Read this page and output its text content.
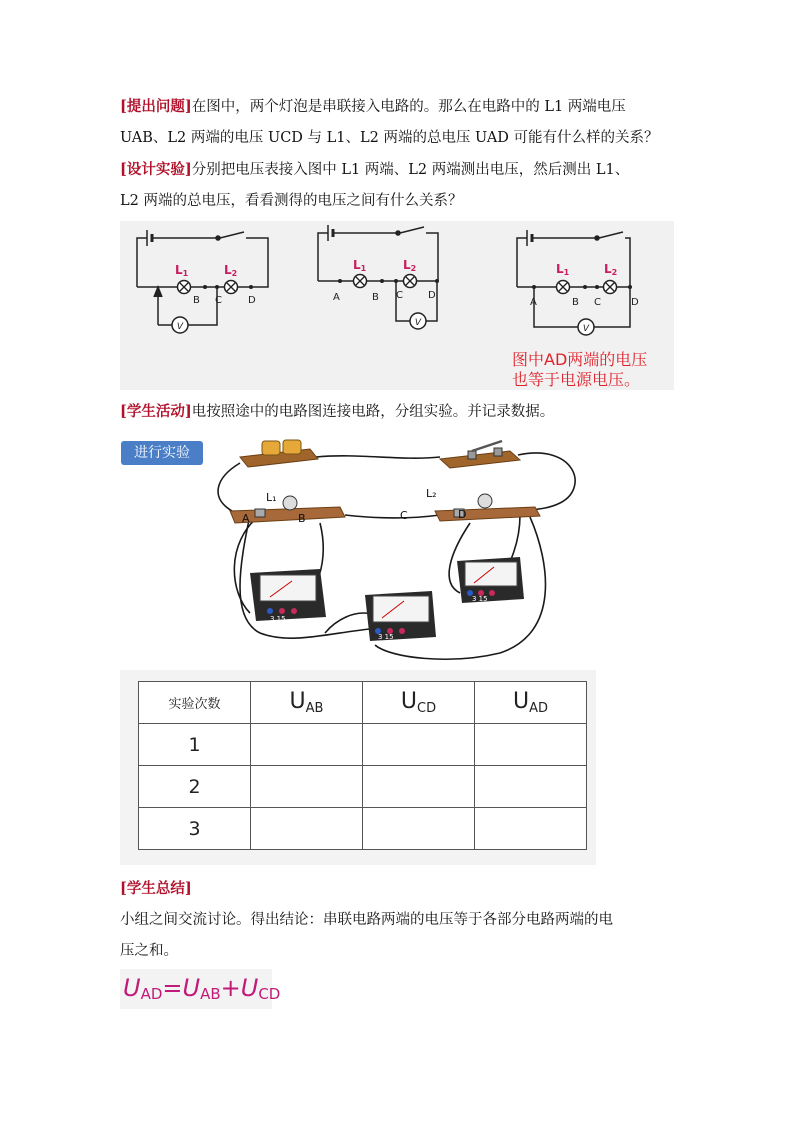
[提出问题]在图中，两个灯泡是串联接入电路的。那么在电路中的 L1 两端电压
UAB、L2 两端的电压 UCD 与 L1、L2 两端的总电压 UAD 可能有什么样的关系？
[设计实验]分别把电压表接入图中 L1 两端、L2 两端测出电压，然后测出 L1、
L2 两端的总电压，看看测得的电压之间有什么关系？
V
L1	L2
B C	D
V
L1	L2
A	B C	D
V
L1	L2
A	B C	D
图中AD两端的电压
也等于电源电压。
[学生活动]电按照途中的电路图连接电路，分组实验。并记录数据。
L₁	L₂
A	B	C	D
3 15
3 15
3 15
进行实验
实验次数	$U_{AB}$	$U_{CD}$	$U_{AD}$
1			
2			
3			
[学生总结]
小组之间交流讨论。得出结论：串联电路两端的电压等于各部分电路两端的电
压之和。
$U_{AD}=U_{AB}+U_{CD}$
